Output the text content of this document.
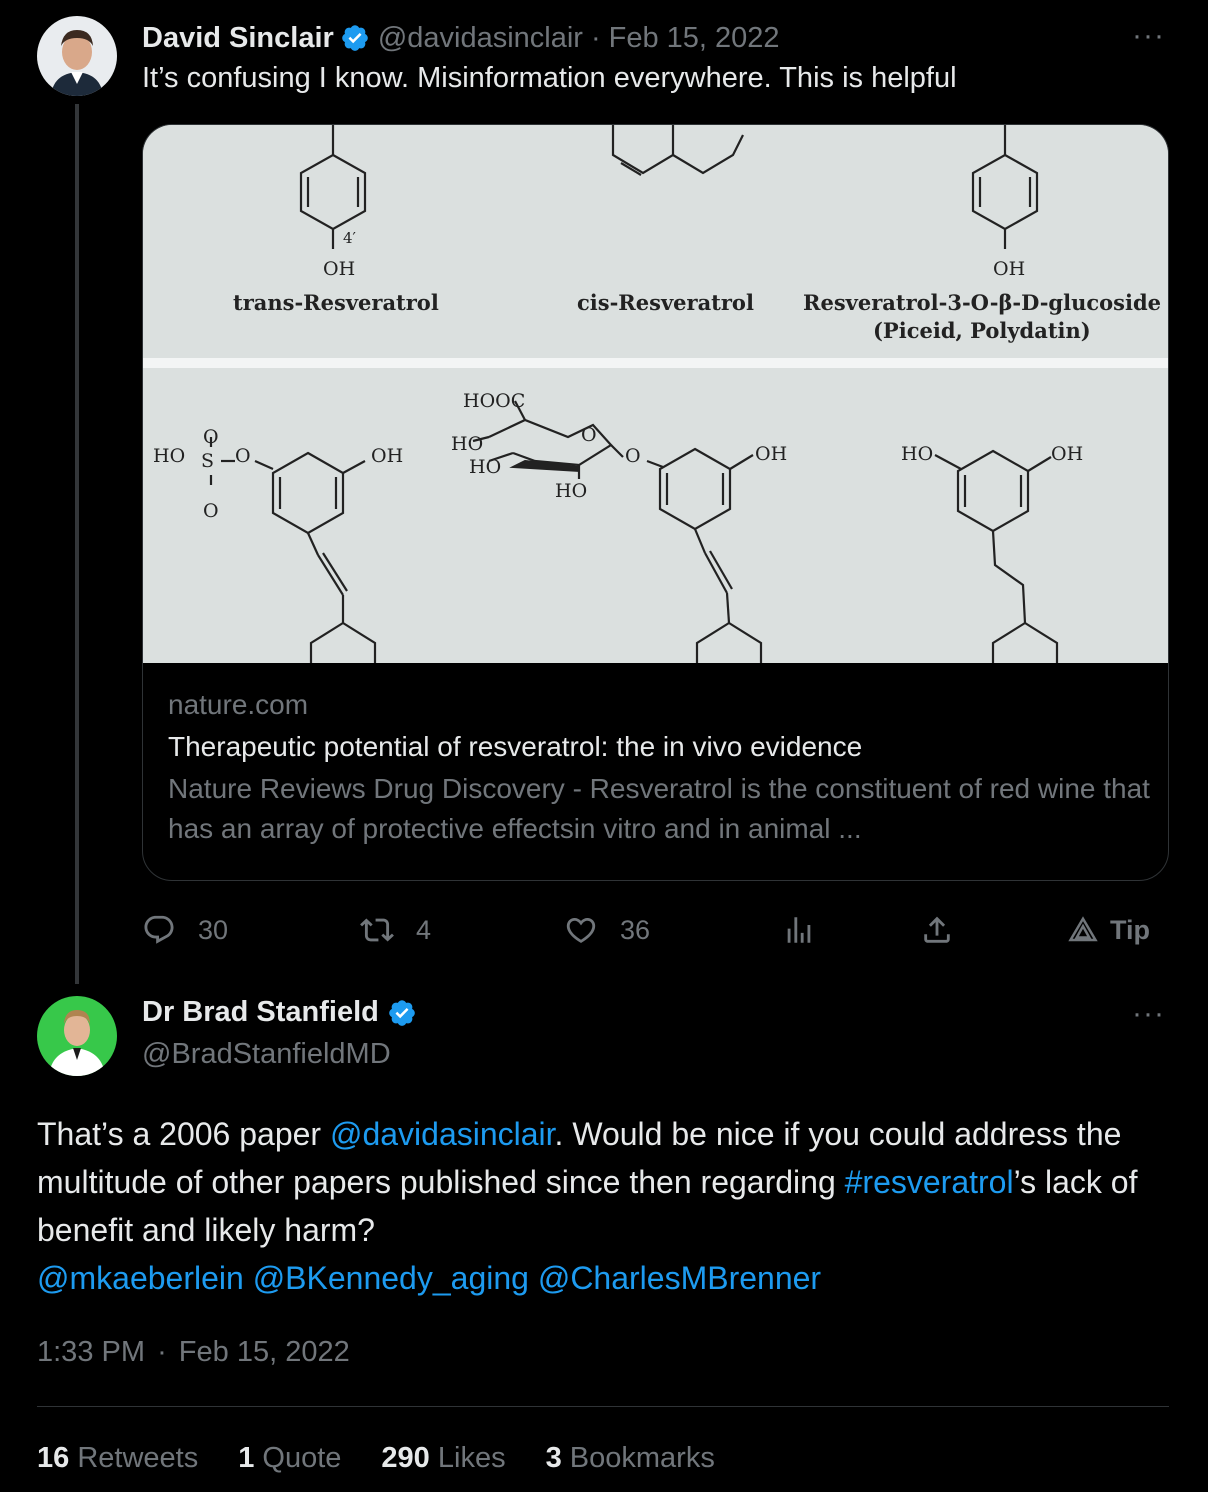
David Sinclair @davidasinclair · Feb 15, 2022	···
It’s confusing I know. Misinformation everywhere. This is helpful
OH
4′
OH
HO
O
S
O
O	OH
HOOC
HO
HO
HO
O
O	OH	HO	OH
trans-Resveratrol	cis-Resveratrol Resveratrol-3-O-β-D-glucoside
(Piceid, Polydatin)
nature.com
Therapeutic potential of resveratrol: the in vivo evidence
Nature Reviews Drug Discovery - Resveratrol is the constituent of red wine that has an array of protective effectsin vitro and in animal ...
30	4	36	Tip
Dr Brad Stanfield
@BradStanfieldMD
···
That’s a 2006 paper @davidasinclair. Would be nice if you could address the multitude of other papers published since then regarding #resveratrol’s lack of benefit and likely harm?
@mkaeberlein @BKennedy_aging @CharlesMBrenner
1:33 PM · Feb 15, 2022
16 Retweets 1 Quote 290 Likes 3 Bookmarks
